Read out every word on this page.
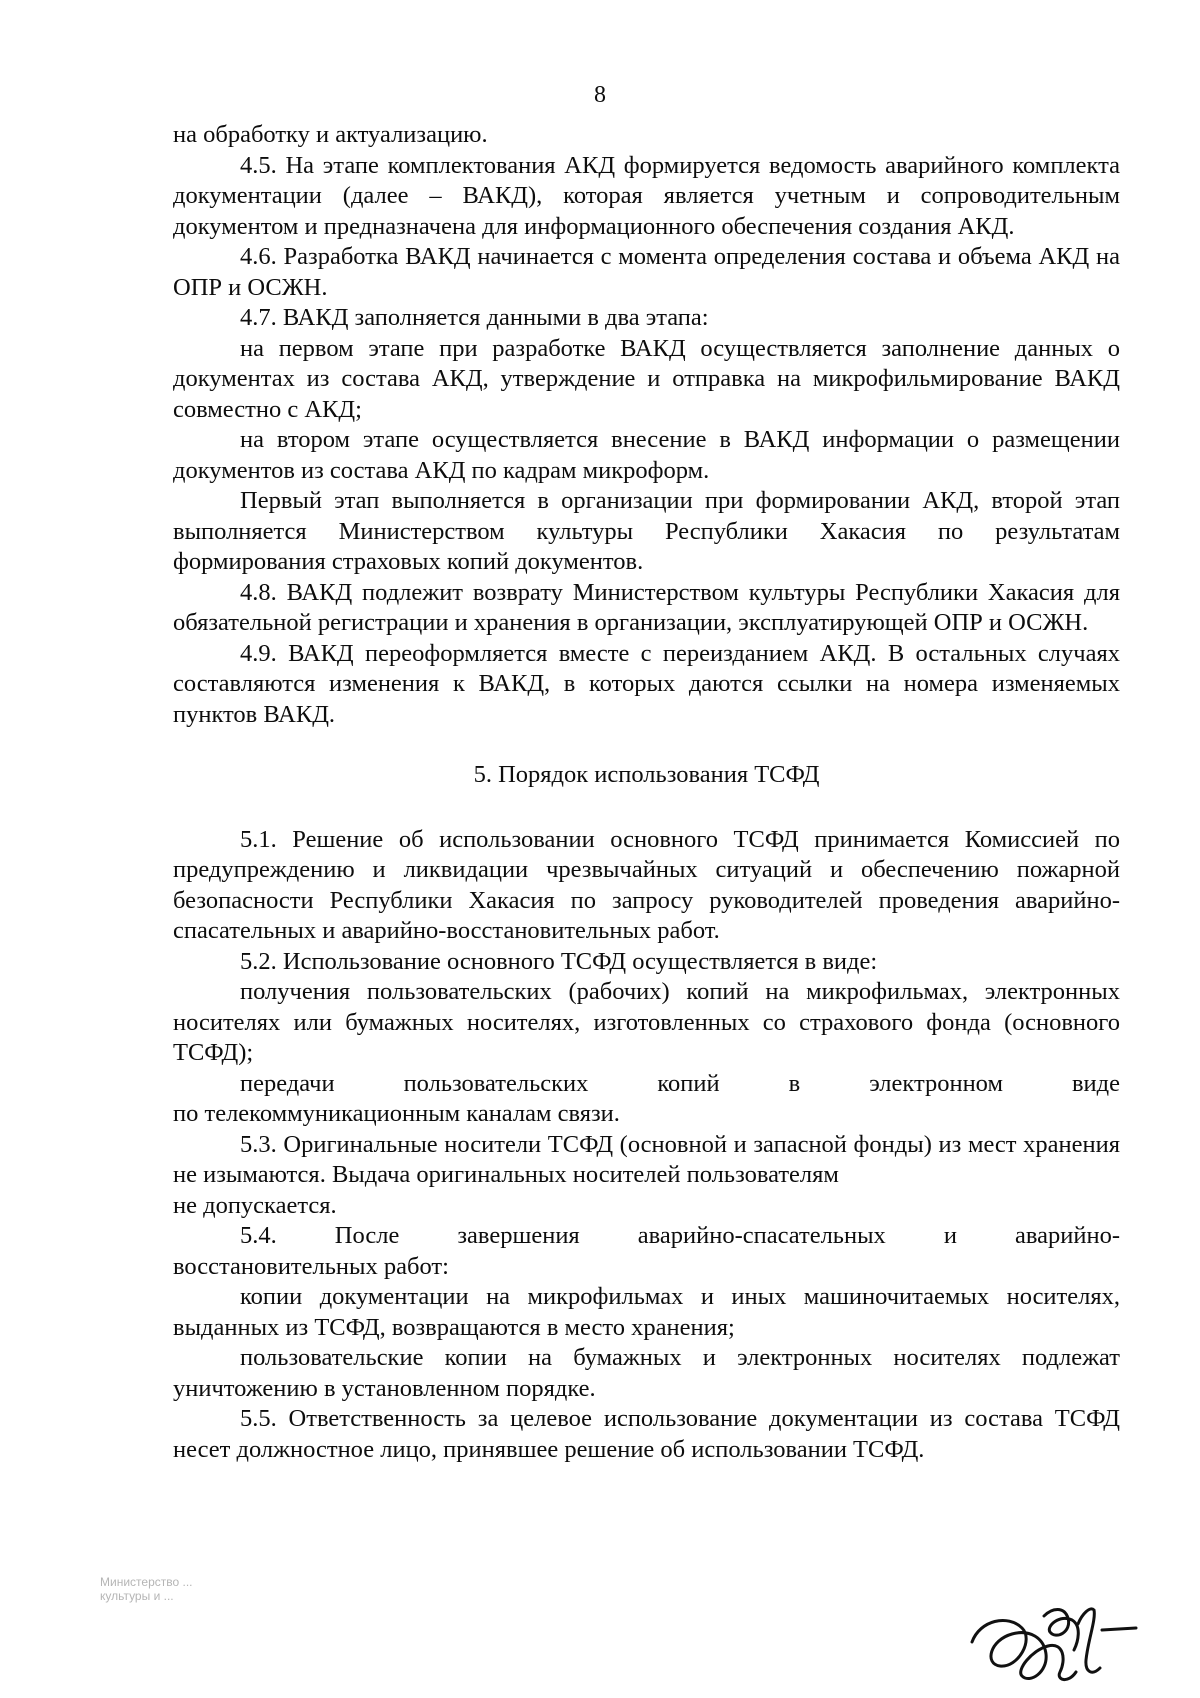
8

на обработку и актуализацию.

4.5. На этапе комплектования АКД формируется ведомость аварийного комплекта документации (далее – ВАКД), которая является учетным и сопроводительным документом и предназначена для информационного обеспечения создания АКД.

4.6. Разработка ВАКД начинается с момента определения состава и объема АКД на ОПР и ОСЖН.

4.7. ВАКД заполняется данными в два этапа:

на первом этапе при разработке ВАКД осуществляется заполнение данных о документах из состава АКД, утверждение и отправка на микрофильмирование ВАКД совместно с АКД;

на втором этапе осуществляется внесение в ВАКД информации о размещении документов из состава АКД по кадрам микроформ.

Первый этап выполняется в организации при формировании АКД, второй этап выполняется Министерством культуры Республики Хакасия по результатам формирования страховых копий документов.

4.8. ВАКД подлежит возврату Министерством культуры Республики Хакасия для обязательной регистрации и хранения в организации, эксплуатирующей ОПР и ОСЖН.

4.9. ВАКД переоформляется вместе с переизданием АКД. В остальных случаях составляются изменения к ВАКД, в которых даются ссылки на номера изменяемых пунктов ВАКД.

5. Порядок использования ТСФД

5.1. Решение об использовании основного ТСФД принимается Комиссией по предупреждению и ликвидации чрезвычайных ситуаций и обеспечению пожарной безопасности Республики Хакасия по запросу руководителей проведения аварийно-спасательных и аварийно-восстановительных работ.

5.2. Использование основного ТСФД осуществляется в виде:

получения пользовательских (рабочих) копий на микрофильмах, электронных носителях или бумажных носителях, изготовленных со страхового фонда (основного ТСФД);

передачи пользовательских копий в электронном виде

по телекоммуникационным каналам связи.

5.3. Оригинальные носители ТСФД (основной и запасной фонды) из мест хранения не изымаются. Выдача оригинальных носителей пользователям

не допускается.

5.4. После завершения аварийно-спасательных и аварийно-

восстановительных работ:

копии документации на микрофильмах и иных машиночитаемых носителях, выданных из ТСФД, возвращаются в место хранения;

пользовательские копии на бумажных и электронных носителях подлежат уничтожению в установленном порядке.

5.5. Ответственность за целевое использование документации из состава ТСФД несет должностное лицо, принявшее решение об использовании ТСФД.

Министерство ...
культуры и ...
